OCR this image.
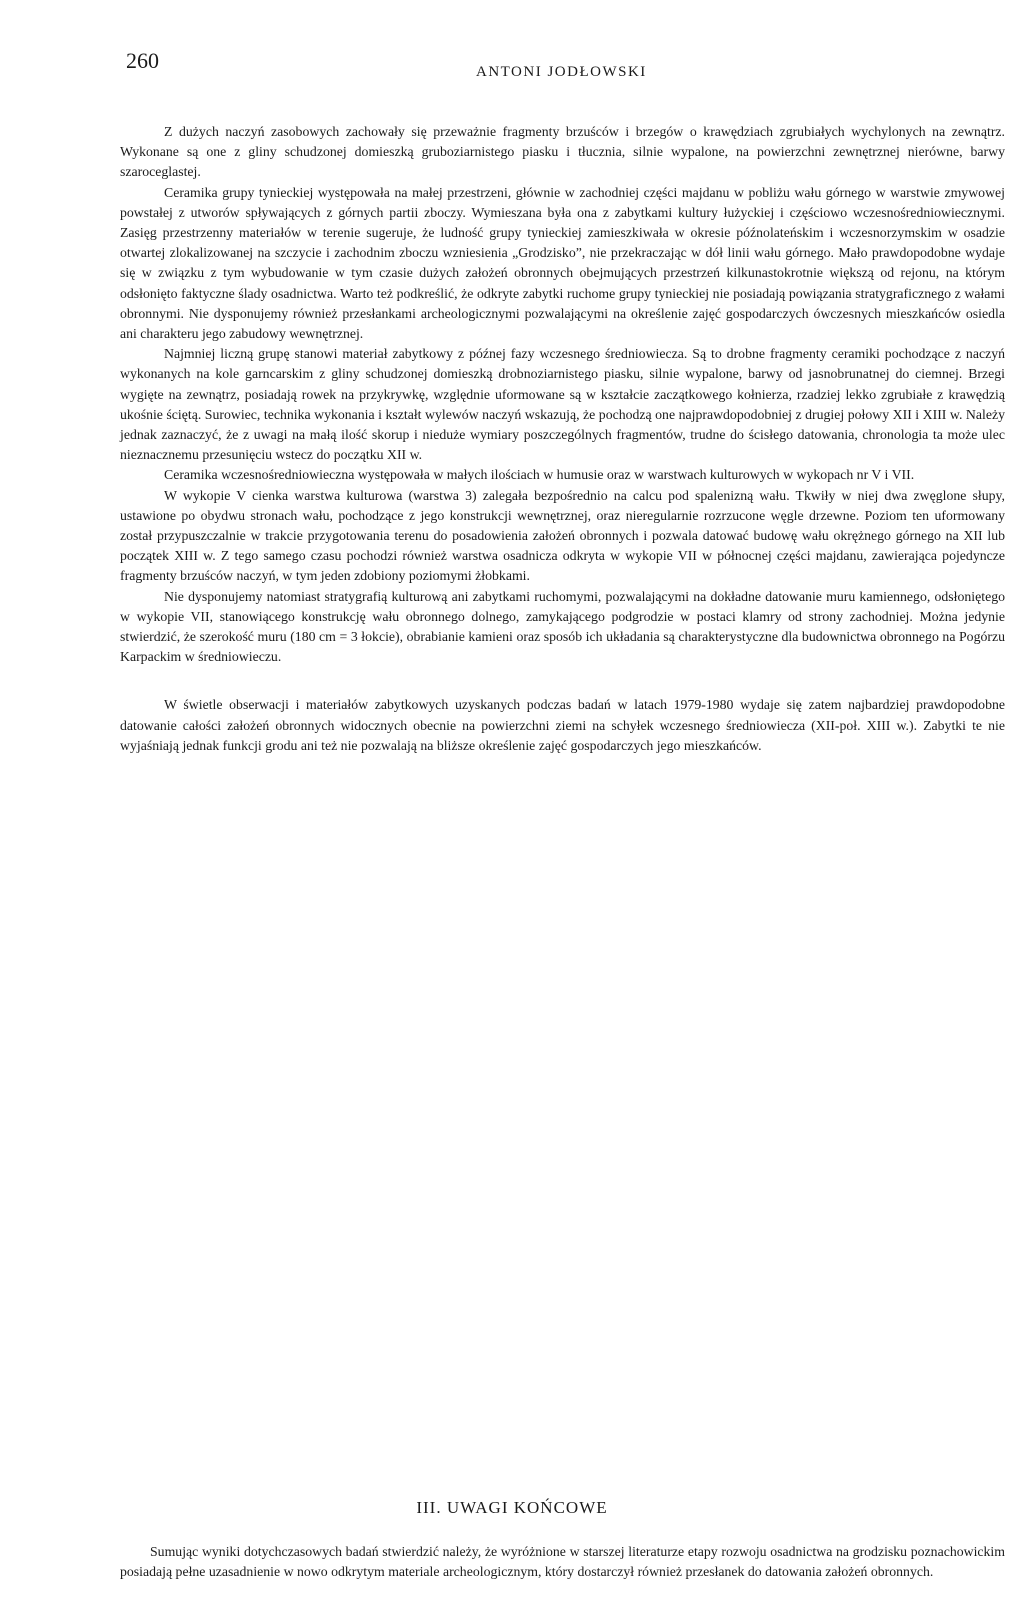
260	ANTONI JODŁOWSKI

Z dużych naczyń zasobowych zachowały się przeważnie fragmenty brzuśców i brzegów o krawędziach zgrubiałych wychylonych na zewnątrz. Wykonane są one z gliny schudzonej domieszką gruboziarnistego piasku i tłucznia, silnie wypalone, na powierzchni zewnętrznej nierówne, barwy szaroceglastej.

Ceramika grupy tynieckiej występowała na małej przestrzeni, głównie w zachodniej części majdanu w pobliżu wału górnego w warstwie zmywowej powstałej z utworów spływających z górnych partii zboczy. Wymieszana była ona z zabytkami kultury łużyckiej i częściowo wczesnośredniowiecznymi. Zasięg przestrzenny materiałów w terenie sugeruje, że ludność grupy tynieckiej zamieszkiwała w okresie późnolateńskim i wczesnorzymskim w osadzie otwartej zlokalizowanej na szczycie i zachodnim zboczu wzniesienia „Grodzisko”, nie przekraczając w dół linii wału górnego. Mało prawdopodobne wydaje się w związku z tym wybudowanie w tym czasie dużych założeń obronnych obejmujących przestrzeń kilkunastokrotnie większą od rejonu, na którym odsłonięto faktyczne ślady osadnictwa. Warto też podkreślić, że odkryte zabytki ruchome grupy tynieckiej nie posiadają powiązania stratygraficznego z wałami obronnymi. Nie dysponujemy również przesłankami archeologicznymi pozwalającymi na określenie zajęć gospodarczych ówczesnych mieszkańców osiedla ani charakteru jego zabudowy wewnętrznej.

Najmniej liczną grupę stanowi materiał zabytkowy z późnej fazy wczesnego średniowiecza. Są to drobne fragmenty ceramiki pochodzące z naczyń wykonanych na kole garncarskim z gliny schudzonej domieszką drobnoziarnistego piasku, silnie wypalone, barwy od jasnobrunatnej do ciemnej. Brzegi wygięte na zewnątrz, posiadają rowek na przykrywkę, względnie uformowane są w kształcie zaczątkowego kołnierza, rzadziej lekko zgrubiałe z krawędzią ukośnie ściętą. Surowiec, technika wykonania i kształt wylewów naczyń wskazują, że pochodzą one najprawdopodobniej z drugiej połowy XII i XIII w. Należy jednak zaznaczyć, że z uwagi na małą ilość skorup i nieduże wymiary poszczególnych fragmentów, trudne do ścisłego datowania, chronologia ta może ulec nieznacznemu przesunięciu wstecz do początku XII w.

Ceramika wczesnośredniowieczna występowała w małych ilościach w humusie oraz w warstwach kulturowych w wykopach nr V i VII.

W wykopie V cienka warstwa kulturowa (warstwa 3) zalegała bezpośrednio na calcu pod spalenizną wału. Tkwiły w niej dwa zwęglone słupy, ustawione po obydwu stronach wału, pochodzące z jego konstrukcji wewnętrznej, oraz nieregularnie rozrzucone węgle drzewne. Poziom ten uformowany został przypuszczalnie w trakcie przygotowania terenu do posadowienia założeń obronnych i pozwala datować budowę wału okrężnego górnego na XII lub początek XIII w. Z tego samego czasu pochodzi również warstwa osadnicza odkryta w wykopie VII w północnej części majdanu, zawierająca pojedyncze fragmenty brzuśców naczyń, w tym jeden zdobiony poziomymi żłobkami.

Nie dysponujemy natomiast stratygrafią kulturową ani zabytkami ruchomymi, pozwalającymi na dokładne datowanie muru kamiennego, odsłoniętego w wykopie VII, stanowiącego konstrukcję wału obronnego dolnego, zamykającego podgrodzie w postaci klamry od strony zachodniej. Można jedynie stwierdzić, że szerokość muru (180 cm = 3 łokcie), obrabianie kamieni oraz sposób ich układania są charakterystyczne dla budownictwa obronnego na Pogórzu Karpackim w średniowieczu.

W świetle obserwacji i materiałów zabytkowych uzyskanych podczas badań w latach 1979-1980 wydaje się zatem najbardziej prawdopodobne datowanie całości założeń obronnych widocznych obecnie na powierzchni ziemi na schyłek wczesnego średniowiecza (XII-poł. XIII w.). Zabytki te nie wyjaśniają jednak funkcji grodu ani też nie pozwalają na bliższe określenie zajęć gospodarczych jego mieszkańców.

III. UWAGI KOŃCOWE

Sumując wyniki dotychczasowych badań stwierdzić należy, że wyróżnione w starszej literaturze etapy rozwoju osadnictwa na grodzisku poznachowickim posiadają pełne uzasadnienie w nowo odkrytym materiale archeologicznym, który dostarczył również przesłanek do datowania założeń obronnych.
